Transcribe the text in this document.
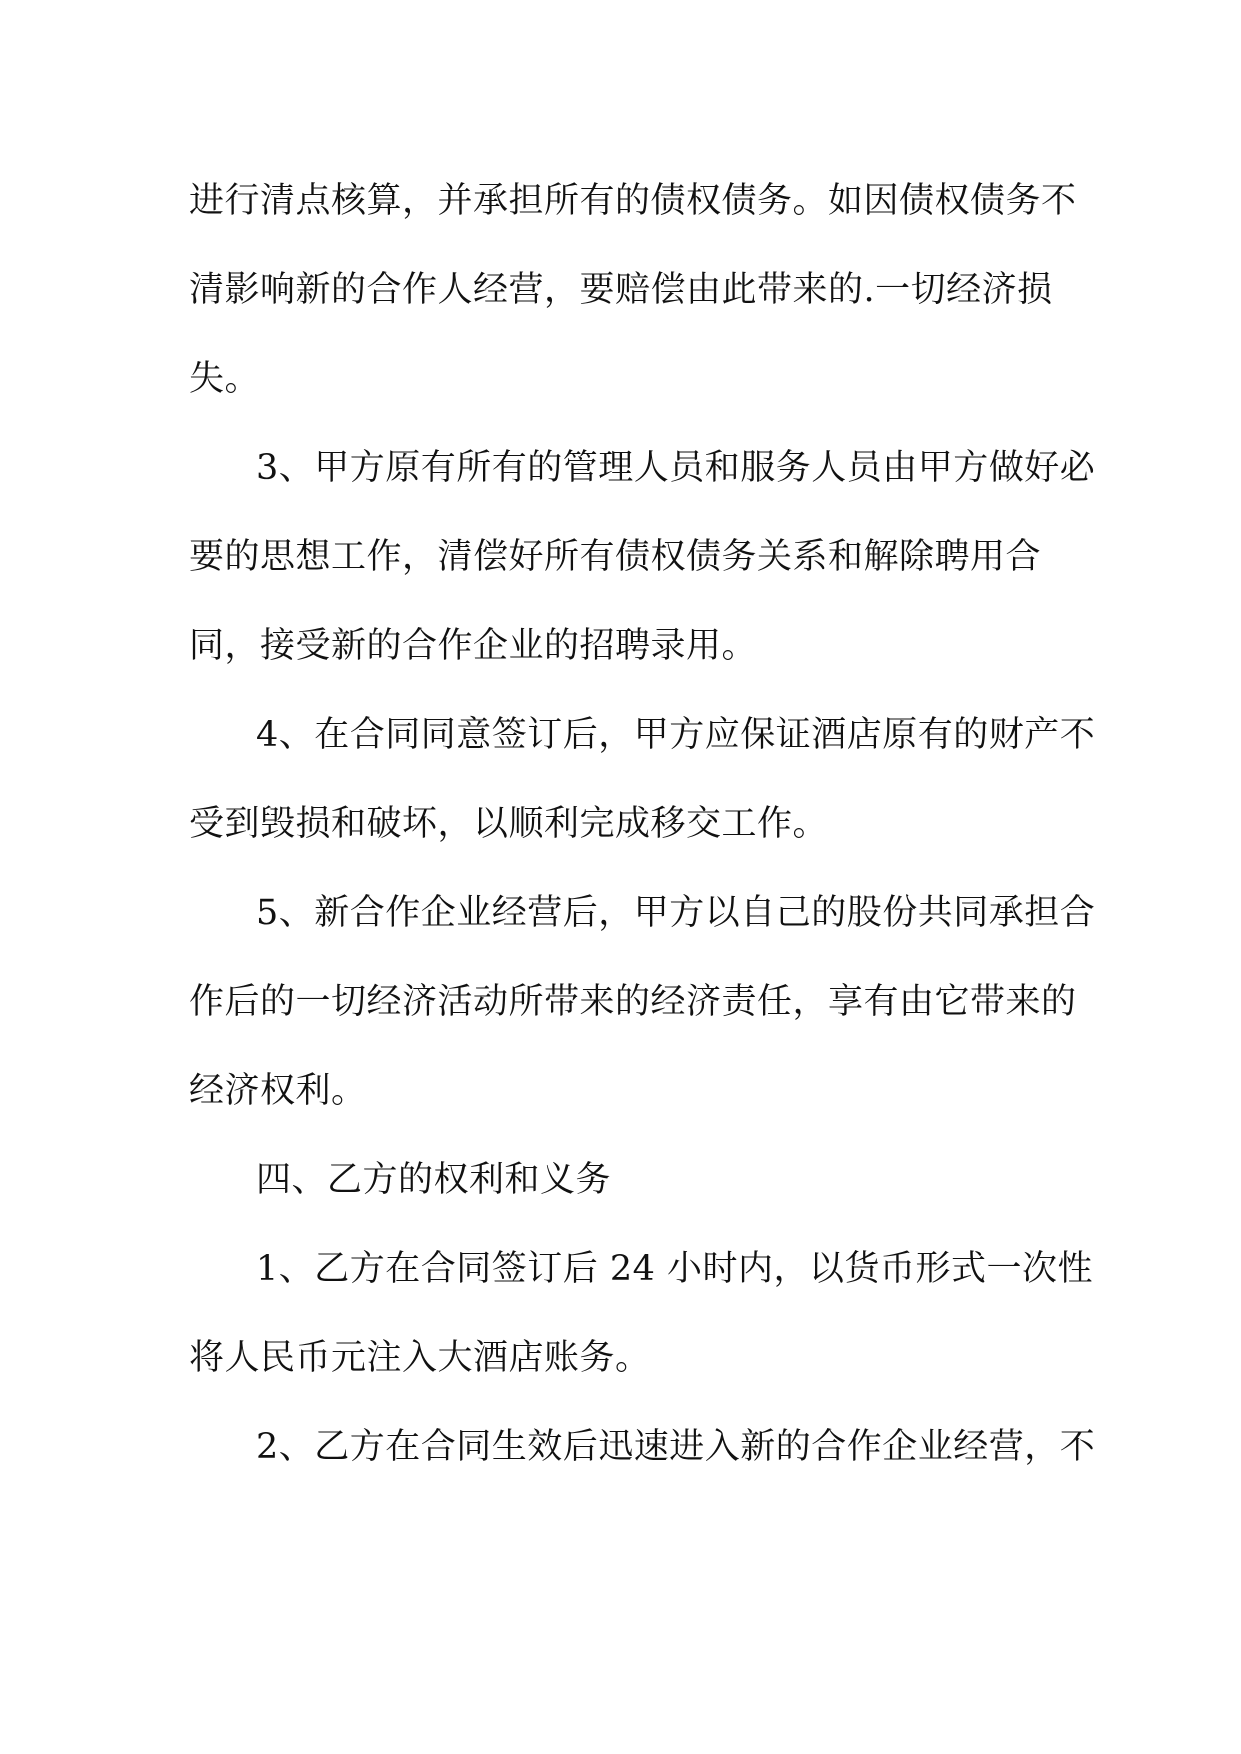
进行清点核算，并承担所有的债权债务。如因债权债务不

清影响新的合作人经营，要赔偿由此带来的.一切经济损

失。

3、甲方原有所有的管理人员和服务人员由甲方做好必

要的思想工作，清偿好所有债权债务关系和解除聘用合

同，接受新的合作企业的招聘录用。

4、在合同同意签订后，甲方应保证酒店原有的财产不

受到毁损和破坏，以顺利完成移交工作。

5、新合作企业经营后，甲方以自己的股份共同承担合

作后的一切经济活动所带来的经济责任，享有由它带来的

经济权利。

四、乙方的权利和义务

1、乙方在合同签订后 24 小时内，以货币形式一次性

将人民币元注入大酒店账务。

2、乙方在合同生效后迅速进入新的合作企业经营，不
